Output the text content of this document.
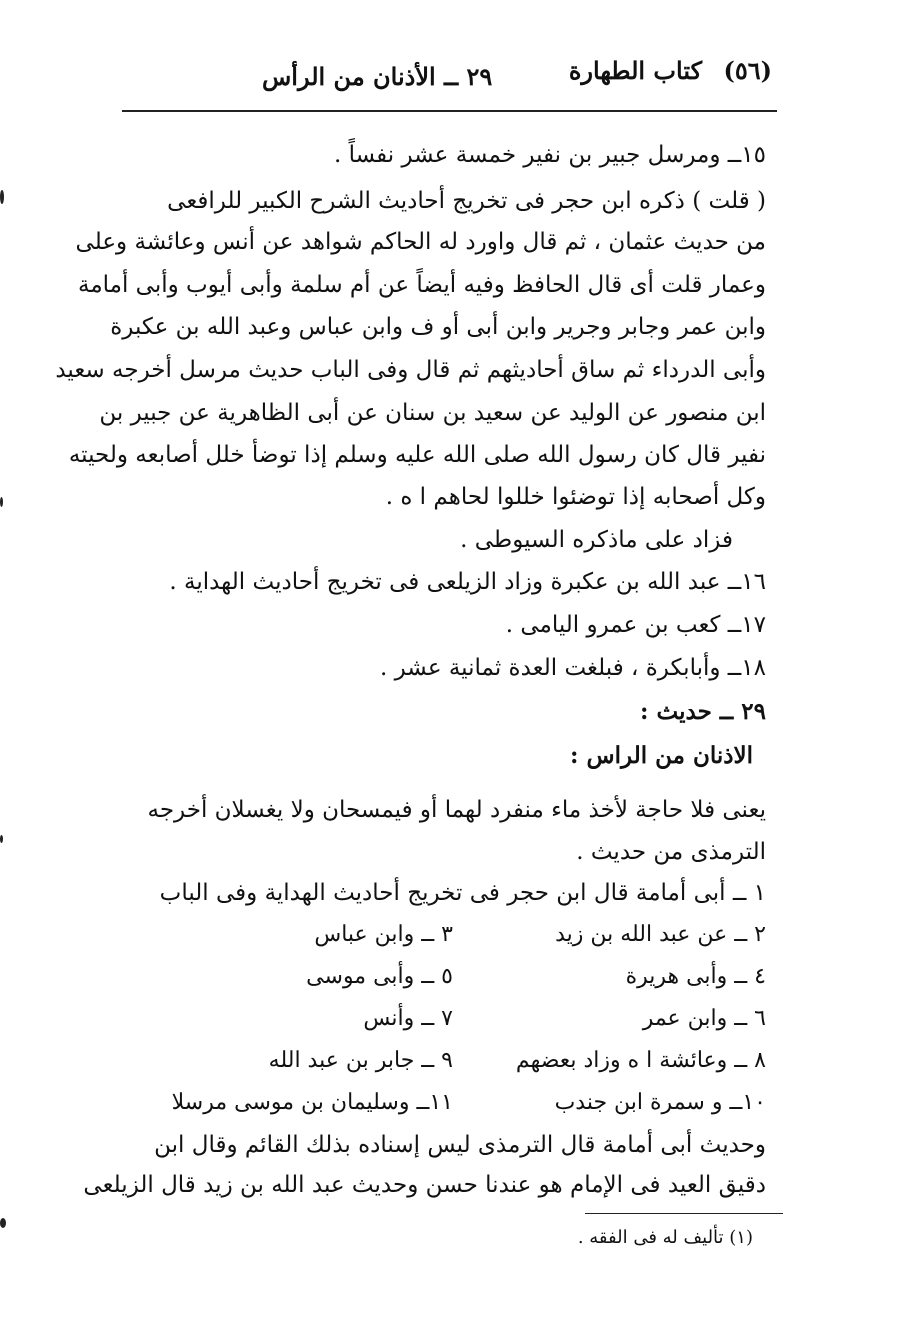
(٥٦)
كتاب الطهارة
٢٩ ــ الأذنان من الرأس
١٥ــ ومرسل جبير بن نفير خمسة عشر نفساً .
( قلت ) ذكره ابن حجر فى تخريج أحاديث الشرح الكبير للرافعى
من حديث عثمان ، ثم قال واورد له الحاكم شواهد عن أنس وعائشة وعلى
وعمار قلت أى قال الحافظ وفيه أيضاً عن أم سلمة وأبى أيوب وأبى أمامة
وابن عمر وجابر وجرير وابن أبى أو ف وابن عباس وعبد الله بن عكبرة
وأبى الدرداء ثم ساق أحاديثهم ثم قال وفى الباب حديث مرسل أخرجه سعيد
ابن منصور عن الوليد عن سعيد بن سنان عن أبى الظاهرية عن جبير بن
نفير قال كان رسول الله صلى الله عليه وسلم إذا توضأ خلل أصابعه ولحيته
وكل أصحابه إذا توضئوا خللوا لحاهم ا ه .
فزاد على ماذكره السيوطى .
١٦ــ عبد الله بن عكبرة وزاد الزيلعى فى تخريج أحاديث الهداية .
١٧ــ كعب بن عمرو اليامى .
١٨ــ وأبابكرة ، فبلغت العدة ثمانية عشر .
٢٩ ــ حديث :
الاذنان من الراس :
يعنى فلا حاجة لأخذ ماء منفرد لهما أو فيمسحان ولا يغسلان أخرجه
الترمذى من حديث .
١ ــ أبى أمامة قال ابن حجر فى تخريج أحاديث الهداية وفى الباب
٢ ــ عن عبد الله بن زيد
٤ ــ وأبى هريرة
٦ ــ وابن عمر
٨ ــ وعائشة ا ه وزاد بعضهم
١٠ــ و سمرة ابن جندب
٣ ــ وابن عباس
٥ ــ وأبى موسى
٧ ــ وأنس
٩ ــ جابر بن عبد الله
١١ــ وسليمان بن موسى مرسلا
وحديث أبى أمامة قال الترمذى ليس إسناده بذلك القائم وقال ابن
دقيق العيد فى الإمام هو عندنا حسن وحديث عبد الله بن زيد قال الزيلعى
(١) تأليف له فى الفقه .
